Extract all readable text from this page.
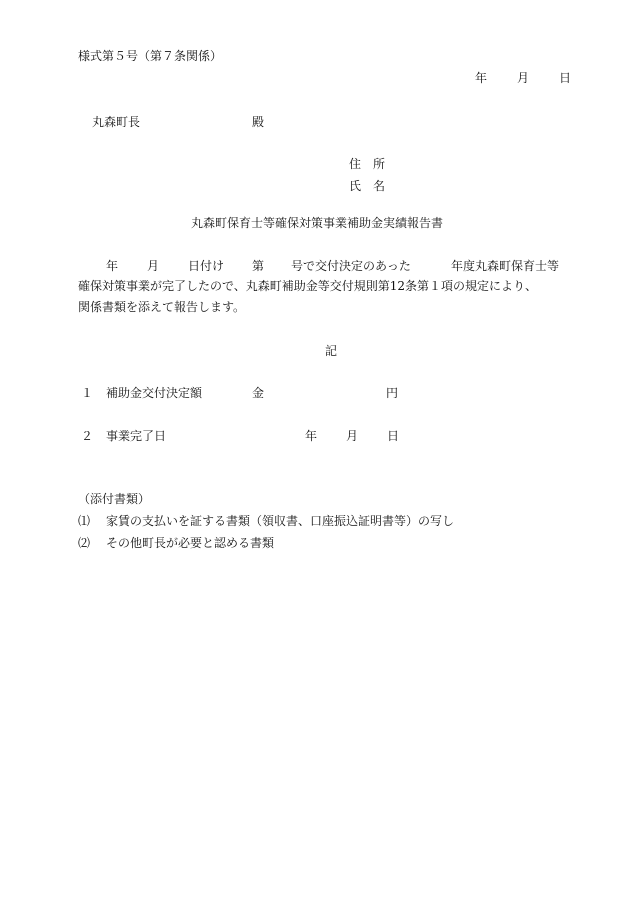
様式第５号（第７条関係）
年 月 日
丸森町長	殿
住　所
氏　名
丸森町保育士等確保対策事業補助金実績報告書
年 月 日付け 第 号で交付決定のあった	年度丸森町保育士等
確保対策事業が完了したので、丸森町補助金等交付規則第12条第１項の規定により、
関係書類を添えて報告します。
記
１ 補助金交付決定額	金	円
２ 事業完了日	年 月 日
（添付書類）
⑴ 家賃の支払いを証する書類（領収書、口座振込証明書等）の写し
⑵ その他町長が必要と認める書類
